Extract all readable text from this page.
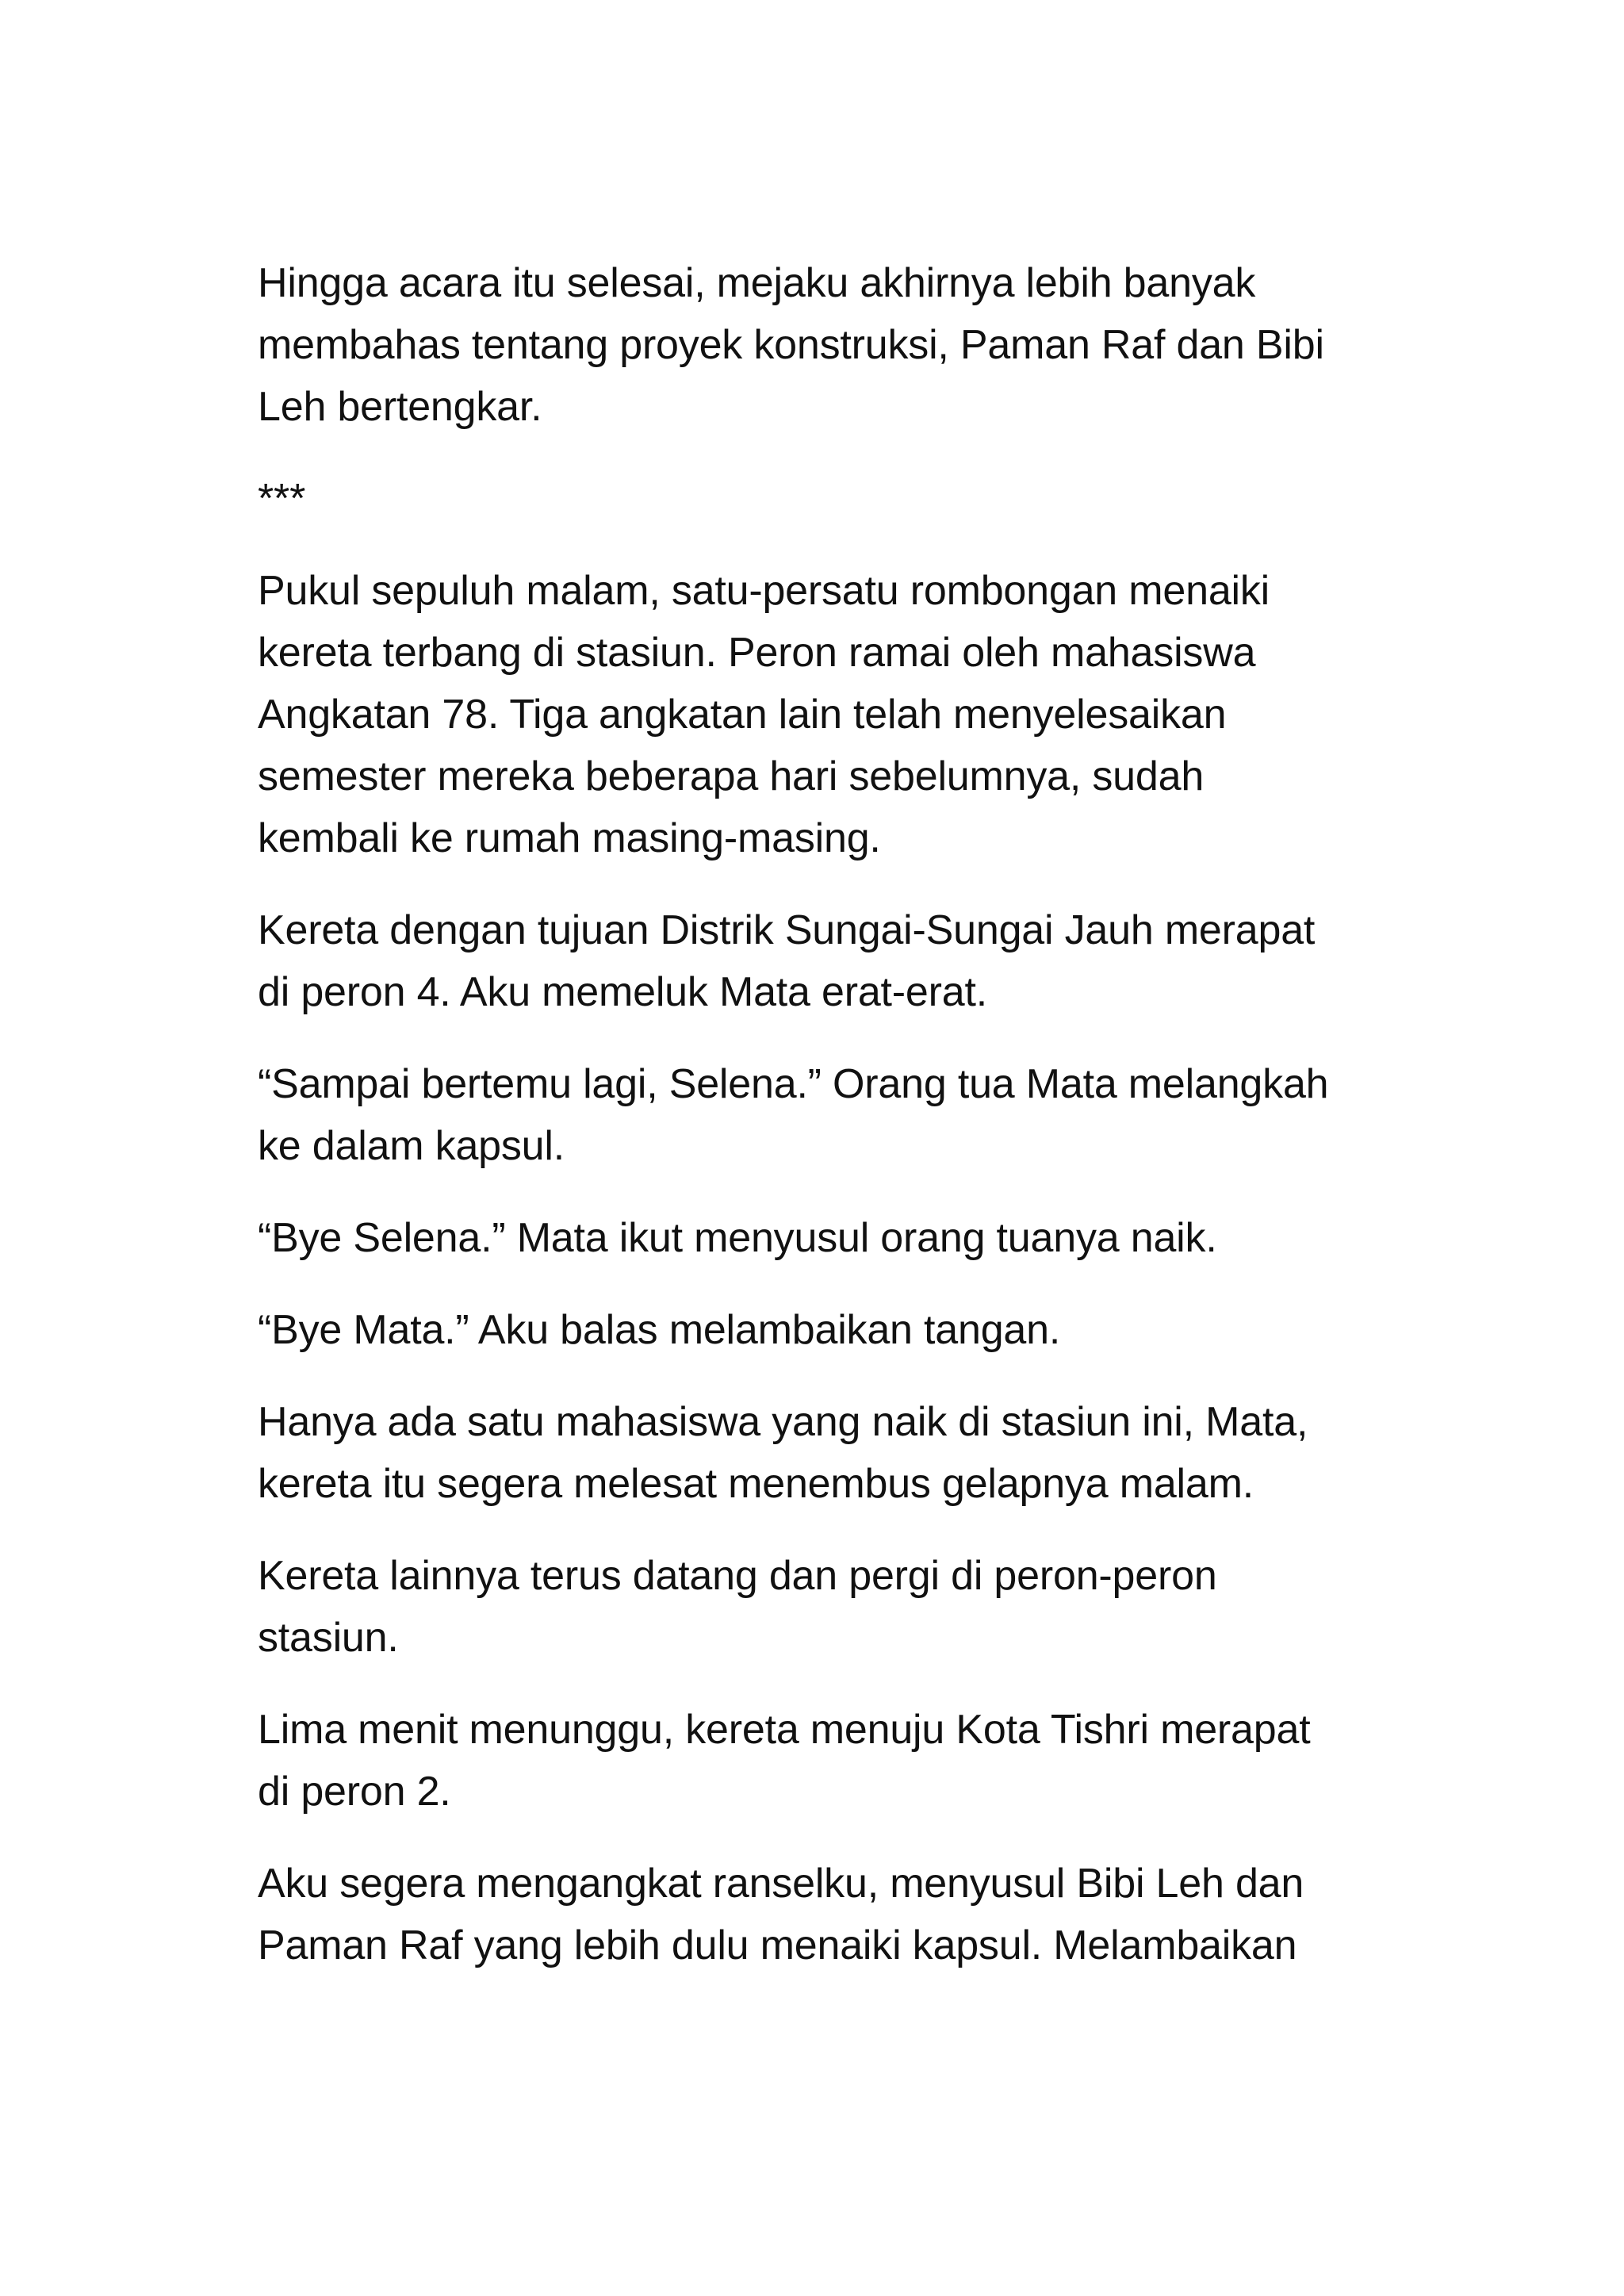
Hingga acara itu selesai, mejaku akhirnya lebih banyak
membahas tentang proyek konstruksi, Paman Raf dan Bibi
Leh bertengkar.

***

Pukul sepuluh malam, satu-persatu rombongan menaiki
kereta terbang di stasiun. Peron ramai oleh mahasiswa
Angkatan 78. Tiga angkatan lain telah menyelesaikan
semester mereka beberapa hari sebelumnya, sudah
kembali ke rumah masing-masing.

Kereta dengan tujuan Distrik Sungai-Sungai Jauh merapat
di peron 4. Aku memeluk Mata erat-erat.

“Sampai bertemu lagi, Selena.” Orang tua Mata melangkah
ke dalam kapsul.

“Bye Selena.” Mata ikut menyusul orang tuanya naik.

“Bye Mata.” Aku balas melambaikan tangan.

Hanya ada satu mahasiswa yang naik di stasiun ini, Mata,
kereta itu segera melesat menembus gelapnya malam.

Kereta lainnya terus datang dan pergi di peron-peron
stasiun.

Lima menit menunggu, kereta menuju Kota Tishri merapat
di peron 2.

Aku segera mengangkat ranselku, menyusul Bibi Leh dan
Paman Raf yang lebih dulu menaiki kapsul. Melambaikan
